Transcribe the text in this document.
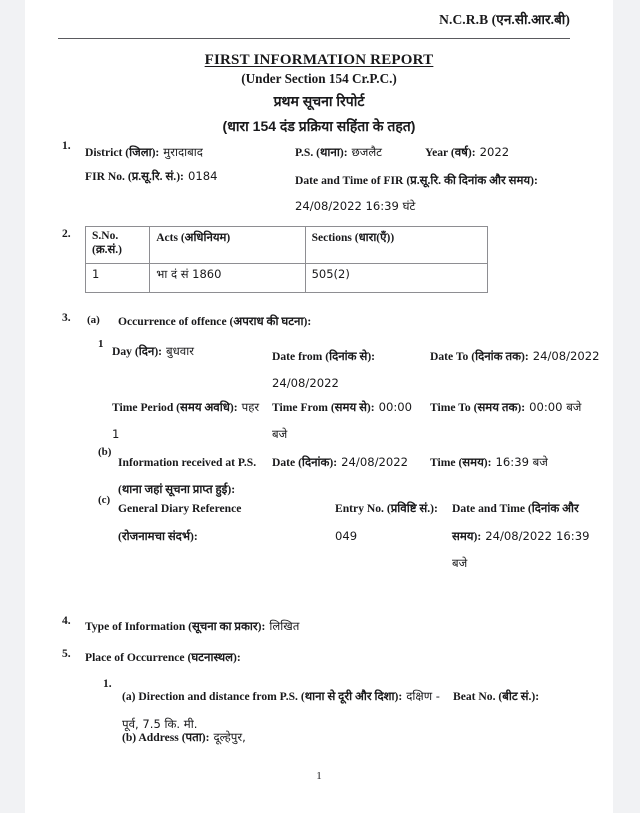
N.C.R.B (एन.सी.आर.बी)
FIRST INFORMATION REPORT
(Under Section 154 Cr.P.C.)
प्रथम सूचना रिपोर्ट
(धारा 154 दंड प्रक्रिया सहिंता के तहत)
1. District (जिला): मुरादाबाद	P.S. (थाना): छजलैट	Year (वर्ष): 2022
FIR No. (प्र.सू.रि. सं.): 0184	Date and Time of FIR (प्र.सू.रि. की दिनांक और समय): 24/08/2022 16:39 घंटे
2. S.No. (क्र.सं.)	Acts (अधिनियम)	Sections (धारा(एँ))
1	भा दं सं 1860	505(2)
3. (a) Occurrence of offence (अपराध की घटना):
1
Day (दिन): बुधवार	Date from (दिनांक से): 24/08/2022
Date To (दिनांक तक): 24/08/2022
Time Period (समय अवधि): पहर 1
Time From (समय से): 00:00 बजे
Time To (समय तक): 00:00 बजे
(b)
Information received at P.S. (थाना जहां सूचना प्राप्त हुई):
Date (दिनांक): 24/08/2022	Time (समय): 16:39 बजे
(c)
General Diary Reference (रोजनामचा संदर्भ):
Entry No. (प्रविष्टि सं.): 049
Date and Time (दिनांक और समय): 24/08/2022 16:39 बजे
4. Type of Information (सूचना का प्रकार): लिखित
5. Place of Occurrence (घटनास्थल):
1.
(a) Direction and distance from P.S. (थाना से दूरी और दिशा): दक्षिण - पूर्व, 7.5 कि. मी.
Beat No. (बीट सं.):
(b) Address (पता): दूल्हेपुर,
1
